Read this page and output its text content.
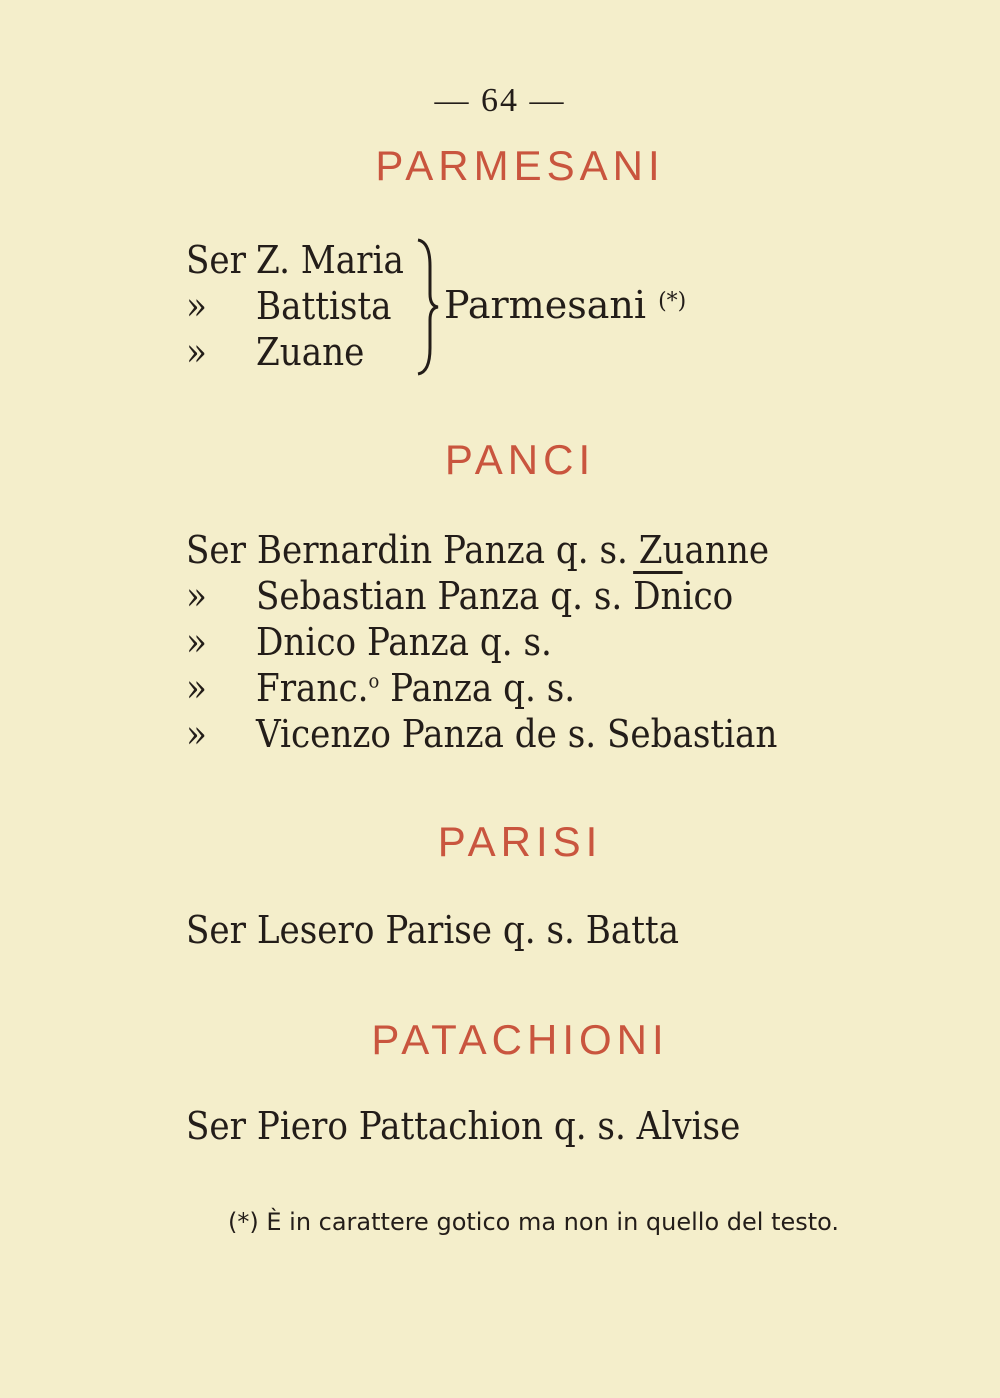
— 64 —
PARMESANI
Ser Z. Maria
» Battista
» Zuane
Parmesani (*)
PANCI
Ser Bernardin Panza q. s. Zuanne
» Sebastian Panza q. s. $\overline{Dn}ico$
» Dnico Panza q. s.
» Franc.$^o$ Panza q. s.
» Vicenzo Panza de s. Sebastian
PARISI
Ser Lesero Parise q. s. Batta
PATACHIONI
Ser Piero Pattachion q. s. Alvise
(*) È in carattere gotico ma non in quello del testo.
